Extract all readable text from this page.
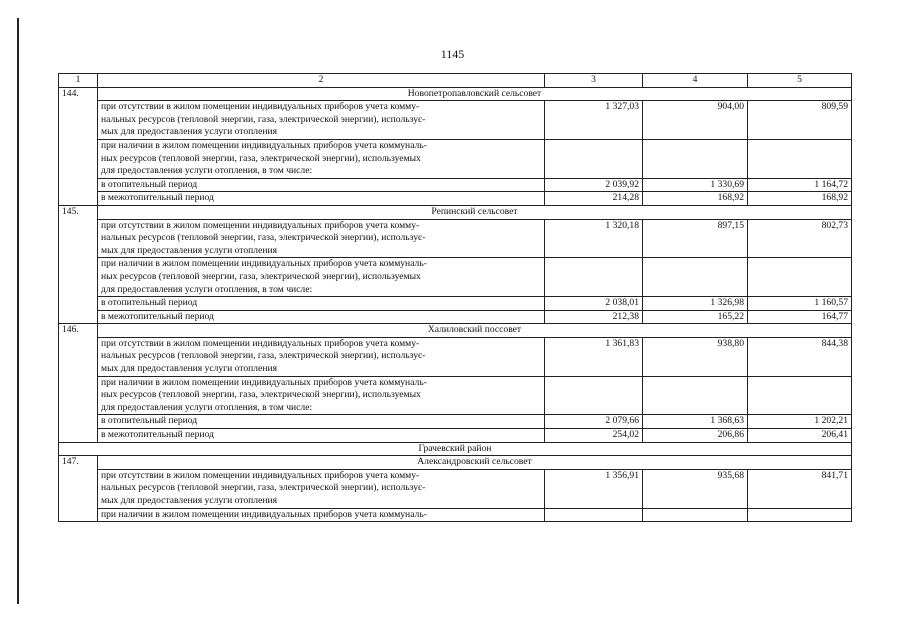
1145
1	2	3	4	5
144.	Новопетропавловский сельсовет			

	при отсутствии в жилом помещении индивидуальных приборов учета комму-
нальных ресурсов (тепловой энергии, газа, электрической энергии), использує-
мых для предоставления услуги отопления	1 327,03	904,00	809,59

	при наличии в жилом помещении индивидуальных приборов учета коммуналь-
ных ресурсов (тепловой энергии, газа, электрической энергии), используемых
для предоставления услуги отопления, в том числе:			

	в отопительный период	2 039,92	1 330,69	1 164,72
	в межотопительный период	214,28	168,92	168,92
145.	Репинский сельсовет			

	при отсутствии в жилом помещении индивидуальных приборов учета комму-
нальных ресурсов (тепловой энергии, газа, электрической энергии), использує-
мых для предоставления услуги отопления	1 320,18	897,15	802,73

	при наличии в жилом помещении индивидуальных приборов учета коммуналь-
ных ресурсов (тепловой энергии, газа, электрической энергии), используемых
для предоставления услуги отопления, в том числе:			

	в отопительный период	2 038,01	1 326,98	1 160,57
	в межотопительный период	212,38	165,22	164,77
146.	Халиловский поссовет			

	при отсутствии в жилом помещении индивидуальных приборов учета комму-
нальных ресурсов (тепловой энергии, газа, электрической энергии), использує-
мых для предоставления услуги отопления	1 361,83	938,80	844,38

	при наличии в жилом помещении индивидуальных приборов учета коммуналь-
ных ресурсов (тепловой энергии, газа, электрической энергии), используемых
для предоставления услуги отопления, в том числе:			

	в отопительный период	2 079,66	1 368,63	1 202,21
	в межотопительный период	254,02	206,86	206,41
Грачевский район				
147.	Александровский сельсовет			

	при отсутствии в жилом помещении индивидуальных приборов учета комму-
нальных ресурсов (тепловой энергии, газа, электрической энергии), использує-
мых для предоставления услуги отопления	1 356,91	935,68	841,71

	при наличии в жилом помещении индивидуальных приборов учета коммуналь-			
